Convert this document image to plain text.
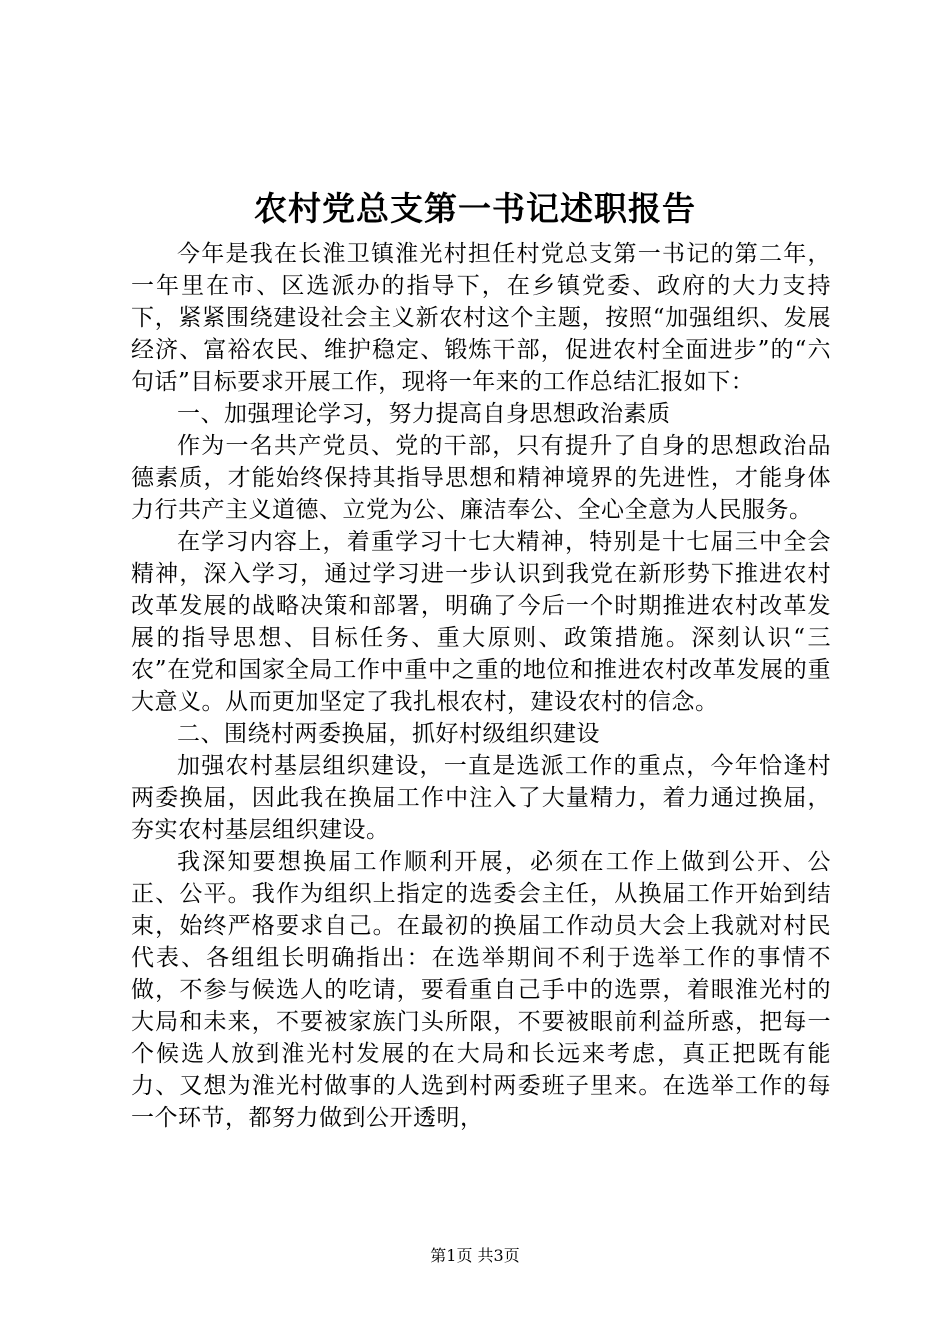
农村党总支第一书记述职报告

今年是我在长淮卫镇淮光村担任村党总支第一书记的第二年，一年里在市、区选派办的指导下，在乡镇党委、政府的大力支持下，紧紧围绕建设社会主义新农村这个主题，按照“加强组织、发展经济、富裕农民、维护稳定、锻炼干部，促进农村全面进步”的“六句话”目标要求开展工作，现将一年来的工作总结汇报如下：

一、加强理论学习，努力提高自身思想政治素质

作为一名共产党员、党的干部，只有提升了自身的思想政治品德素质，才能始终保持其指导思想和精神境界的先进性，才能身体力行共产主义道德、立党为公、廉洁奉公、全心全意为人民服务。

在学习内容上，着重学习十七大精神，特别是十七届三中全会精神，深入学习，通过学习进一步认识到我党在新形势下推进农村改革发展的战略决策和部署，明确了今后一个时期推进农村改革发展的指导思想、目标任务、重大原则、政策措施。深刻认识“三农”在党和国家全局工作中重中之重的地位和推进农村改革发展的重大意义。从而更加坚定了我扎根农村，建设农村的信念。

二、围绕村两委换届，抓好村级组织建设

加强农村基层组织建设，一直是选派工作的重点，今年恰逢村两委换届，因此我在换届工作中注入了大量精力，着力通过换届，夯实农村基层组织建设。

我深知要想换届工作顺利开展，必须在工作上做到公开、公正、公平。我作为组织上指定的选委会主任，从换届工作开始到结束，始终严格要求自己。在最初的换届工作动员大会上我就对村民代表、各组组长明确指出：在选举期间不利于选举工作的事情不做，不参与候选人的吃请，要看重自己手中的选票，着眼淮光村的大局和未来，不要被家族门头所限，不要被眼前利益所惑，把每一个候选人放到淮光村发展的在大局和长远来考虑，真正把既有能力、又想为淮光村做事的人选到村两委班子里来。在选举工作的每一个环节，都努力做到公开透明，

第1页 共3页
